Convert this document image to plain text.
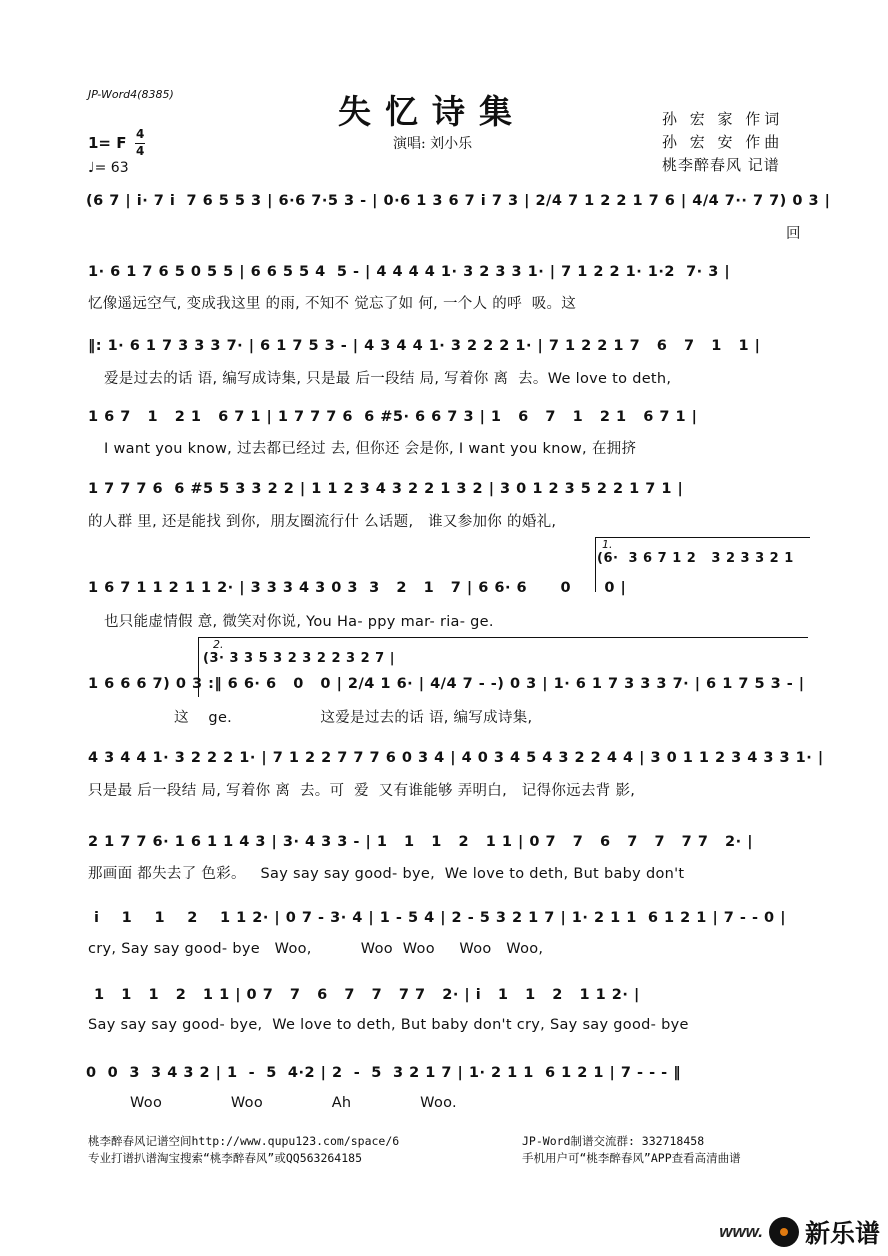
JP-Word4(8385)	失忆诗集
演唱: 刘小乐
孙 宏 家 作词
孙 宏 安 作曲
桃李醉春风 记谱
1= F 4
4
♩= 63
(6 7 | i· 7 i  7 6 5 5 3 | 6·6 7·5 3 - | 0·6 1 3 6 7 i 7 3 | 2/4 7 1 2 2 1 7 6 | 4/4 7·· 7 7) 0 3 |
回
1· 6 1 7 6 5 0 5 5 | 6 6 5 5 4  5 - | 4 4 4 4 1· 3 2 3 3 1· | 7 1 2 2 1· 1·2  7· 3 |
忆像遥远空气, 变成我这里 的雨, 不知不 觉忘了如 何, 一个人 的呼  吸。这
‖: 1· 6 1 7 3 3 3 7· | 6 1 7 5 3 - | 4 3 4 4 1· 3 2 2 2 1· | 7 1 2 2 1 7   6   7   1   1 |
爱是过去的话 语, 编写成诗集, 只是最 后一段结 局, 写着你 离  去。We love to deth,
1 6 7   1   2 1   6 7 1 | 1 7 7 7 6  6 #5· 6 6 7 3 | 1   6   7   1   2 1   6 7 1 |
I want you know, 过去都已经过 去, 但你还 会是你, I want you know, 在拥挤
1 7 7 7 6  6 #5 5 3 3 2 2 | 1 1 2 3 4 3 2 2 1 3 2 | 3 0 1 2 3 5 2 2 1 7 1 |
的人群 里, 还是能找 到你,  朋友圈流行什 么话题,   谁又参加你 的婚礼,
1.
(6·  3 6 7 1 2   3 2 3 3 2 1
1 6 7 1 1 2 1 1 2· | 3 3 3 4 3 0 3  3   2   1   7 | 6 6· 6      0      0 |
也只能虚情假 意, 微笑对你说, You Ha- ppy mar- ria- ge.
2.
(3· 3 3 5 3 2 3 2 2 3 2 7 |
1 6 6 6 7) 0 3 :‖ 6 6· 6   0   0 | 2/4 1 6· | 4/4 7 - -) 0 3 | 1· 6 1 7 3 3 3 7· | 6 1 7 5 3 - |
这    ge.                  这爱是过去的话 语, 编写成诗集,
4 3 4 4 1· 3 2 2 2 1· | 7 1 2 2 7 7 7 6 0 3 4 | 4 0 3 4 5 4 3 2 2 4 4 | 3 0 1 1 2 3 4 3 3 1· |
只是最 后一段结 局, 写着你 离  去。可  爱  又有谁能够 弄明白,   记得你远去背 影,
2 1 7 7 6· 1 6 1 1 4 3 | 3· 4 3 3 - | 1   1   1   2   1 1 | 0 7   7   6   7   7   7 7   2· |
那画面 都失去了 色彩。   Say say say good- bye,  We love to deth, But baby don't
i    1    1    2    1 1 2· | 0 7 - 3· 4 | 1 - 5 4 | 2 - 5 3 2 1 7 | 1· 2 1 1  6 1 2 1 | 7 - - 0 |
cry, Say say good- bye   Woo,          Woo  Woo     Woo   Woo,
1   1   1   2   1 1 | 0 7   7   6   7   7   7 7   2· | i   1   1   2   1 1 2· |
Say say say good- bye,  We love to deth, But baby don't cry, Say say good- bye
0  0  3  3 4 3 2 | 1  -  5  4·2 | 2  -  5  3 2 1 7 | 1· 2 1 1  6 1 2 1 | 7 - - - ‖
Woo              Woo              Ah              Woo.
桃李醉春风记谱空间http://www.qupu123.com/space/6
专业打谱扒谱淘宝搜索“桃李醉春风”或QQ563264185
JP-Word制谱交流群: 332718458
手机用户可“桃李醉春风”APP查看高清曲谱
www. 新乐谱
